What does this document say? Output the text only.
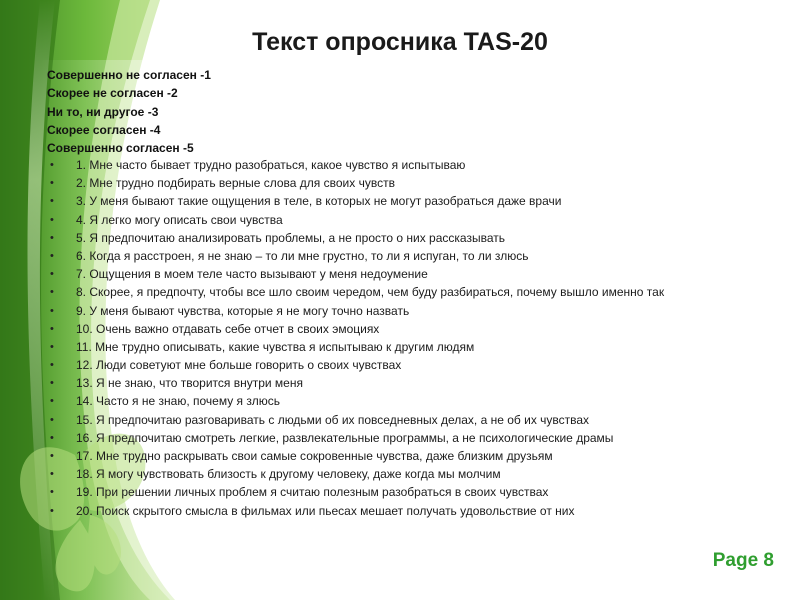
Текст опросника TAS-20
Совершенно не согласен -1
Скорее не согласен -2
Ни то, ни другое -3
Скорее согласен -4
Совершенно согласен -5
• 1. Мне часто бывает трудно разобраться, какое чувство я испытываю
• 2. Мне трудно подбирать верные слова для своих чувств
• 3. У меня бывают такие ощущения в теле, в которых не могут разобраться даже врачи
• 4. Я легко могу описать свои чувства
• 5. Я предпочитаю анализировать проблемы, а не просто о них рассказывать
• 6. Когда я расстроен, я не знаю – то ли мне грустно, то ли я испуган, то ли злюсь
• 7. Ощущения в моем теле часто вызывают у меня недоумение
• 8. Скорее, я предпочту, чтобы все шло своим чередом, чем буду разбираться, почему вышло именно так
• 9. У меня бывают чувства, которые я не могу точно назвать
• 10. Очень важно отдавать себе отчет в своих эмоциях
• 11. Мне трудно описывать, какие чувства я испытываю к другим людям
• 12. Люди советуют мне больше говорить о своих чувствах
• 13. Я не знаю, что творится внутри меня
• 14. Часто я не знаю, почему я злюсь
• 15. Я предпочитаю разговаривать с людьми об их повседневных делах, а не об их чувствах
• 16. Я предпочитаю смотреть легкие, развлекательные программы, а не психологические драмы
• 17. Мне трудно раскрывать свои самые сокровенные чувства, даже близким друзьям
• 18. Я могу чувствовать близость к другому человеку, даже когда мы молчим
• 19. При решении личных проблем я считаю полезным разобраться в своих чувствах
• 20. Поиск скрытого смысла в фильмах или пьесах мешает получать удовольствие от них
Page 8
